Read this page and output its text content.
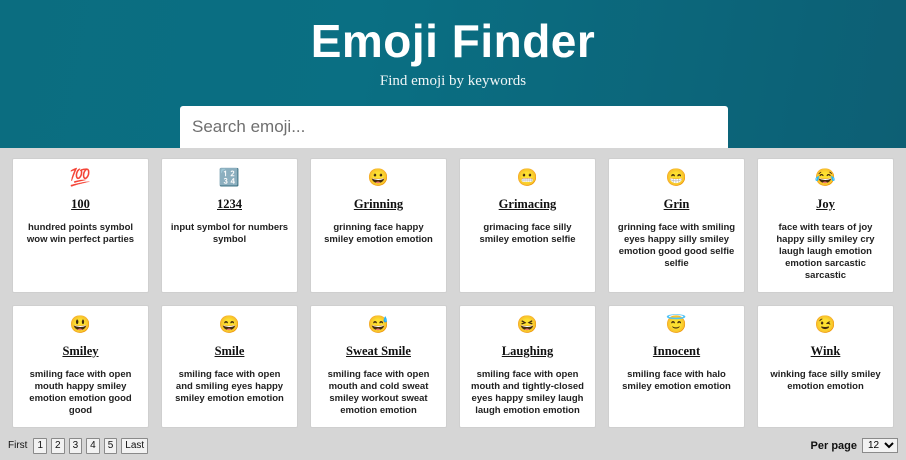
Emoji Finder
Find emoji by keywords
Search emoji...
💯
100
hundred points symbol wow win perfect parties
🔢
1234
input symbol for numbers symbol
😀
Grinning
grinning face happy smiley emotion emotion
😬
Grimacing
grimacing face silly smiley emotion selfie
😁
Grin
grinning face with smiling eyes happy silly smiley emotion good good selfie selfie
😂
Joy
face with tears of joy happy silly smiley cry laugh laugh emotion emotion sarcastic sarcastic
😃
Smiley
smiling face with open mouth happy smiley emotion emotion good good
😄
Smile
smiling face with open and smiling eyes happy smiley emotion emotion
😅
Sweat Smile
smiling face with open mouth and cold sweat smiley workout sweat emotion emotion
😆
Laughing
smiling face with open mouth and tightly-closed eyes happy smiley laugh laugh emotion emotion
😇
Innocent
smiling face with halo smiley emotion emotion
😉
Wink
winking face silly smiley emotion emotion
First	1	2	3	4	5	Last	Per page
12
